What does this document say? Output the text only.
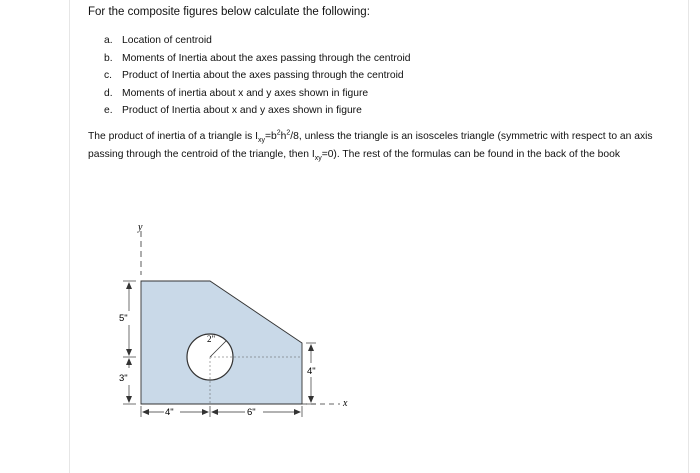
For the composite figures below calculate the following:
a. Location of centroid
b. Moments of Inertia about the axes passing through the centroid
c. Product of Inertia about the axes passing through the centroid
d. Moments of inertia about x and y axes shown in figure
e. Product of Inertia about x and y axes shown in figure
The product of inertia of a triangle is $I_{xy}=b^2h^2/8$, unless the triangle is an isosceles triangle (symmetric with respect to an axis passing through the centroid of the triangle, then $I_{xy}=0$). The rest of the formulas can be found in the back of the book
y
2"
x
5"
3"
4"
4"	6"
